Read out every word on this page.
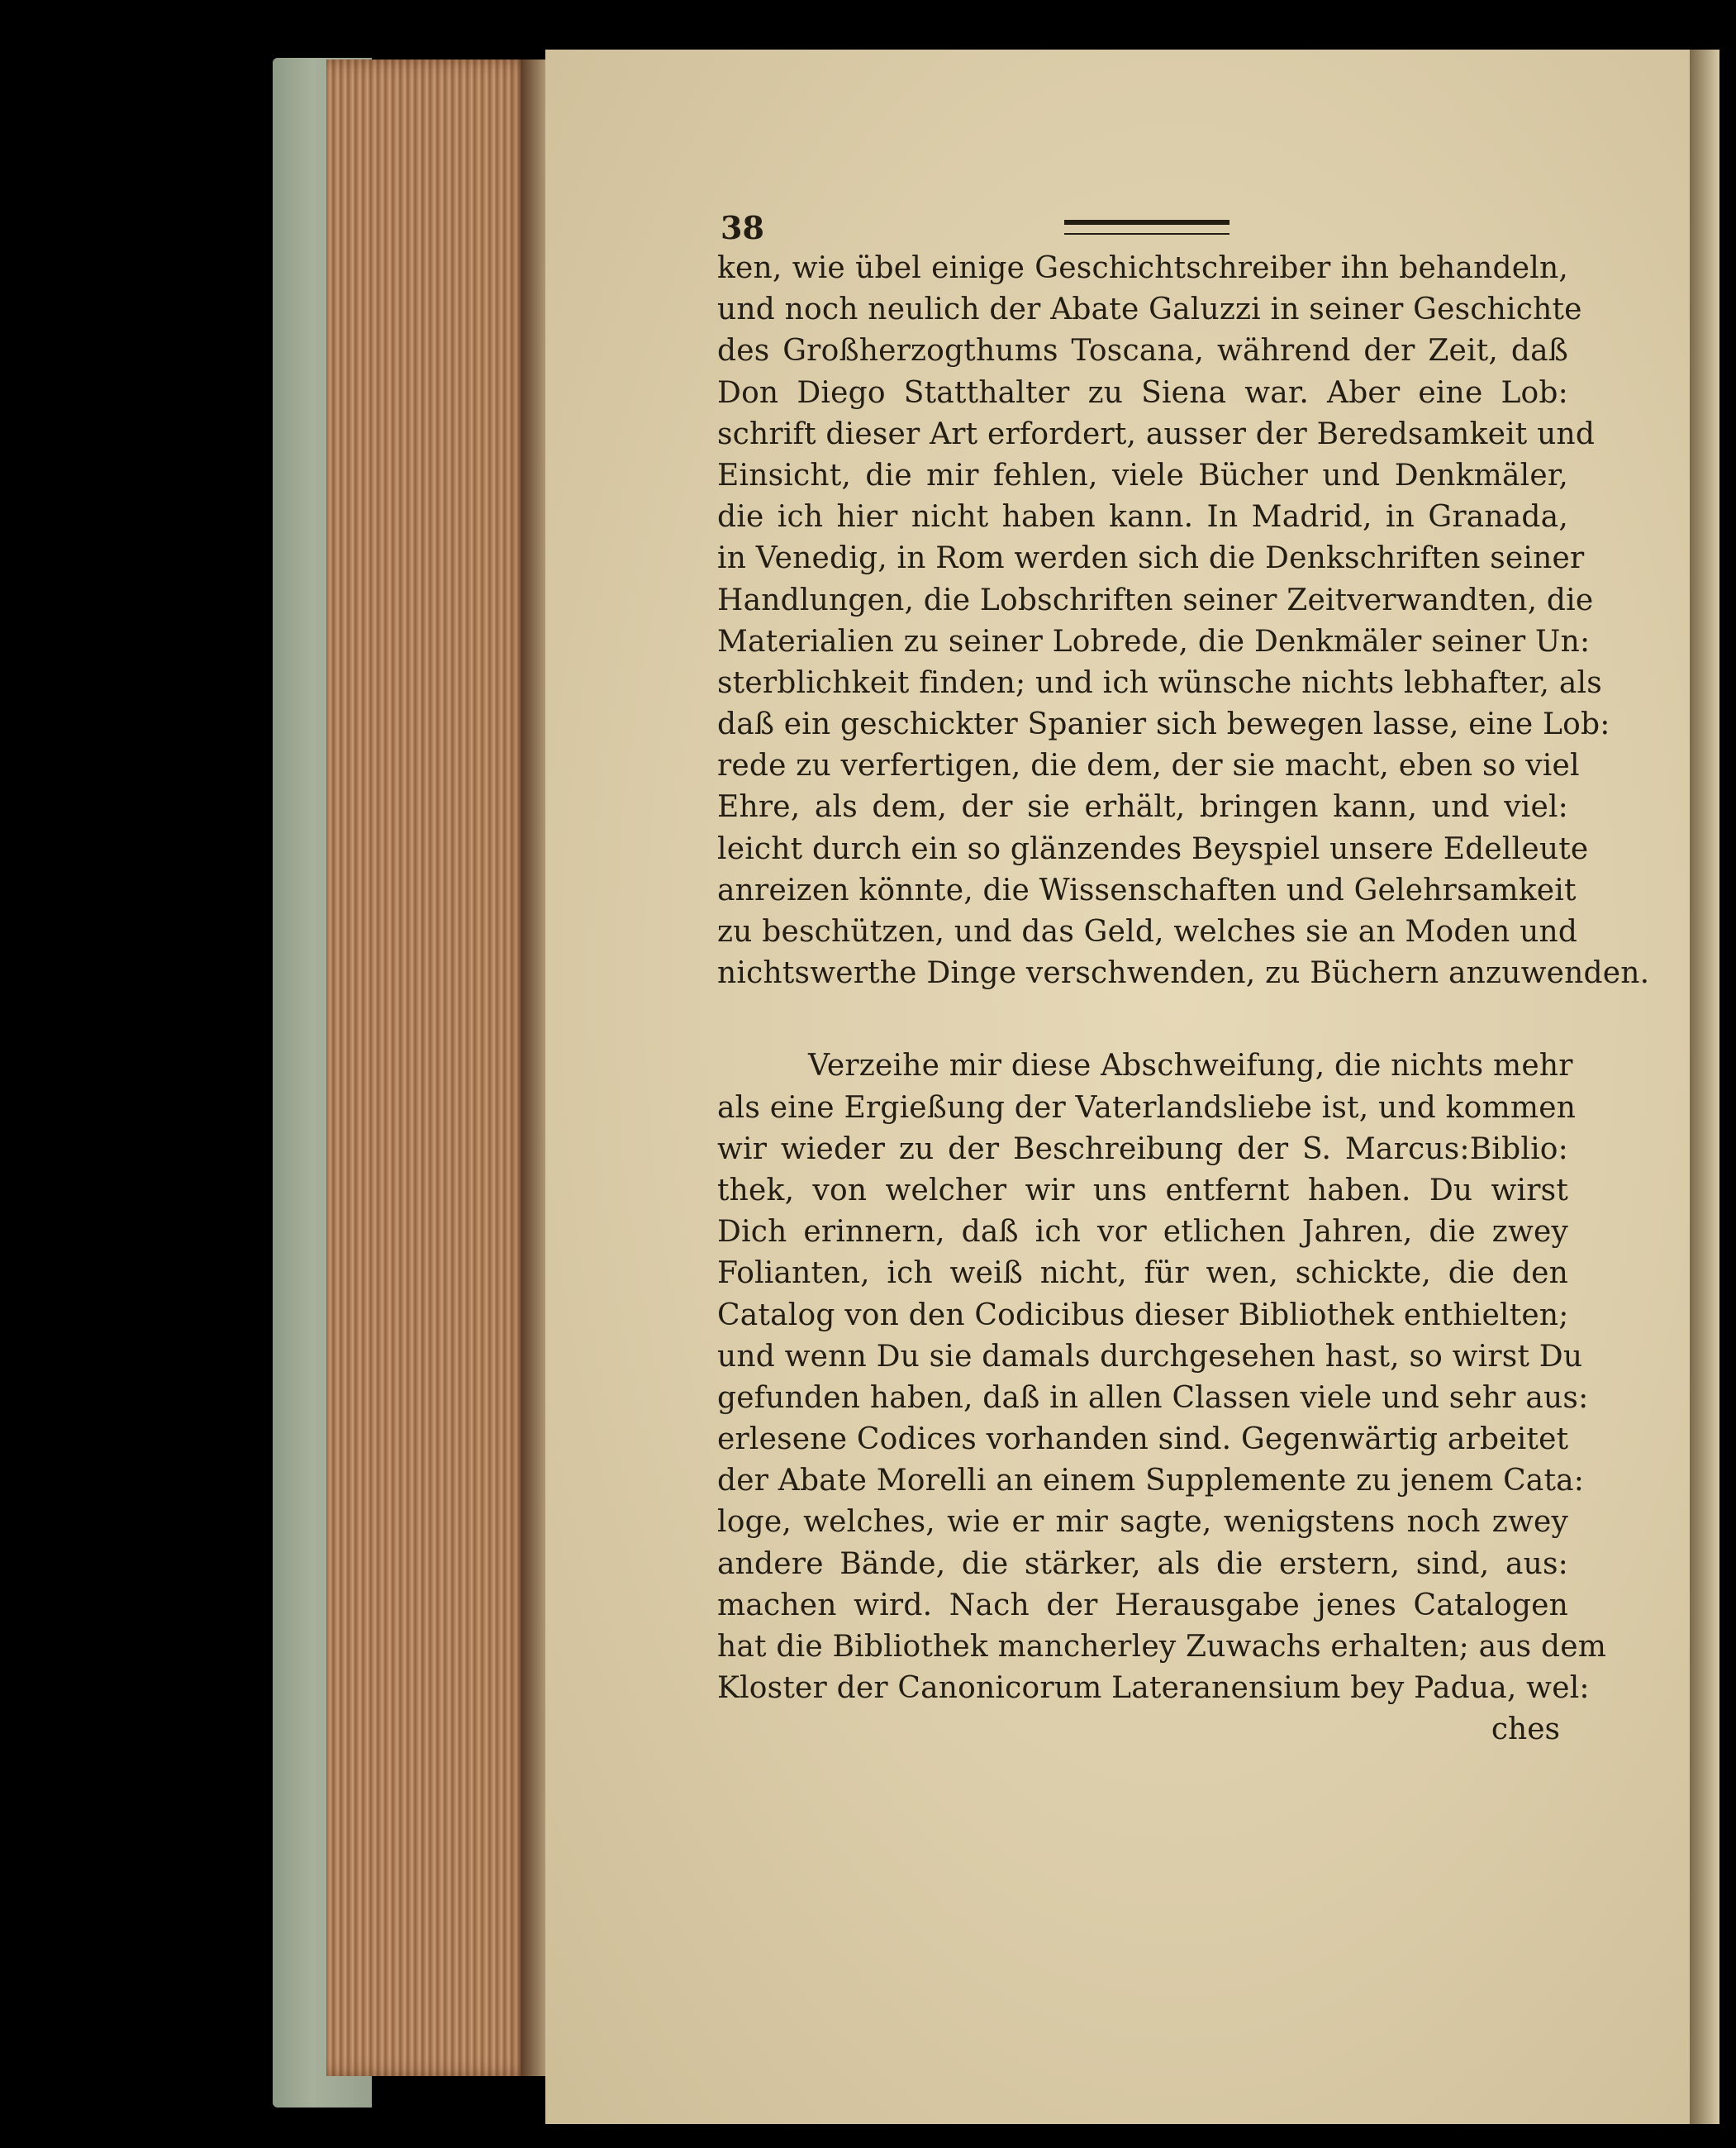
38
ken, wie übel einige Geschichtschreiber ihn behandeln,
und noch neulich der Abate Galuzzi in seiner Geschichte
des Großherzogthums Toscana, während der Zeit, daß
Don Diego Statthalter zu Siena war. Aber eine Lob:
schrift dieser Art erfordert, ausser der Beredsamkeit und
Einsicht, die mir fehlen, viele Bücher und Denkmäler,
die ich hier nicht haben kann. In Madrid, in Granada,
in Venedig, in Rom werden sich die Denkschriften seiner
Handlungen, die Lobschriften seiner Zeitverwandten, die
Materialien zu seiner Lobrede, die Denkmäler seiner Un:
sterblichkeit finden; und ich wünsche nichts lebhafter, als
daß ein geschickter Spanier sich bewegen lasse, eine Lob:
rede zu verfertigen, die dem, der sie macht, eben so viel
Ehre, als dem, der sie erhält, bringen kann, und viel:
leicht durch ein so glänzendes Beyspiel unsere Edelleute
anreizen könnte, die Wissenschaften und Gelehrsamkeit
zu beschützen, und das Geld, welches sie an Moden und
nichtswerthe Dinge verschwenden, zu Büchern anzuwenden.
Verzeihe mir diese Abschweifung, die nichts mehr
als eine Ergießung der Vaterlandsliebe ist, und kommen
wir wieder zu der Beschreibung der S. Marcus:Biblio:
thek, von welcher wir uns entfernt haben. Du wirst
Dich erinnern, daß ich vor etlichen Jahren, die zwey
Folianten, ich weiß nicht, für wen, schickte, die den
Catalog von den Codicibus dieser Bibliothek enthielten;
und wenn Du sie damals durchgesehen hast, so wirst Du
gefunden haben, daß in allen Classen viele und sehr aus:
erlesene Codices vorhanden sind. Gegenwärtig arbeitet
der Abate Morelli an einem Supplemente zu jenem Cata:
loge, welches, wie er mir sagte, wenigstens noch zwey
andere Bände, die stärker, als die erstern, sind, aus:
machen wird. Nach der Herausgabe jenes Catalogen
hat die Bibliothek mancherley Zuwachs erhalten; aus dem
Kloster der Canonicorum Lateranensium bey Padua, wel:
ches
